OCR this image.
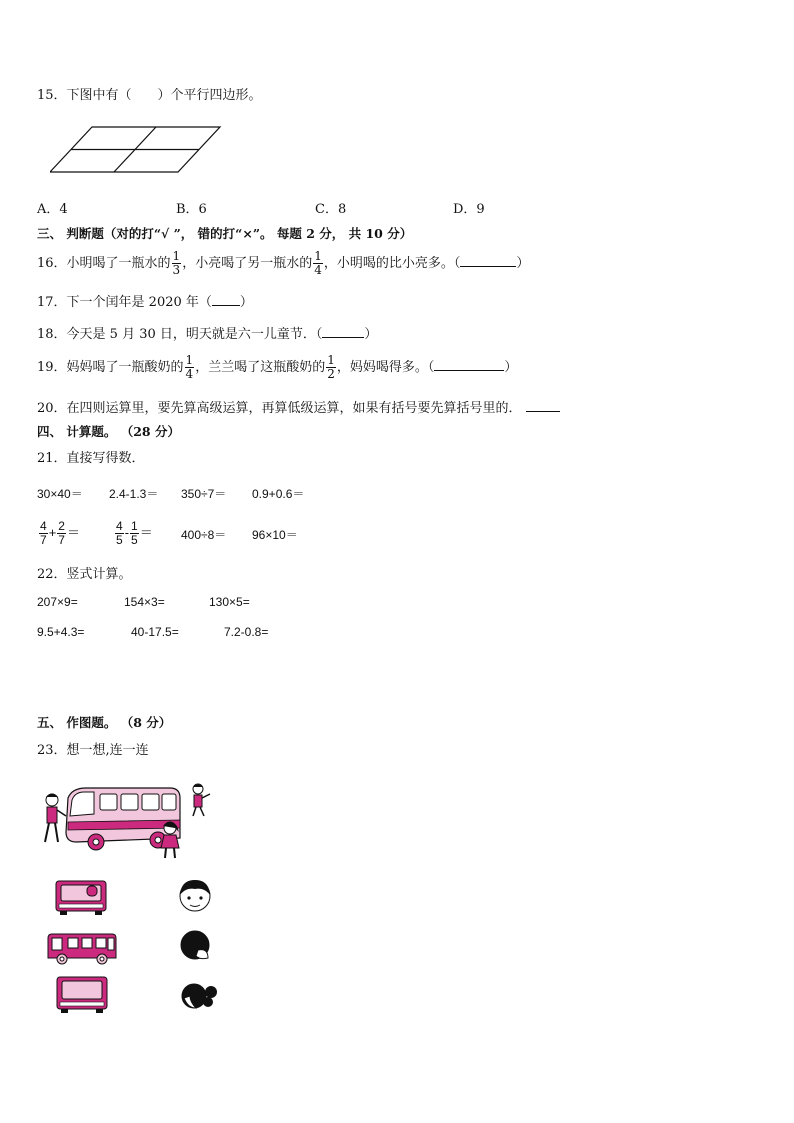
15．下图中有（ ）个平行四边形。
A．4	B．6	C．8	D．9
三、 判断题（对的打“√ ”， 错的打“×”。 每题 2 分， 共 10 分）
16．小明喝了一瓶水的 $\frac{1}{3}$ ，小亮喝了另一瓶水的 $\frac{1}{4}$ ，小明喝的比小亮多。（	）
17．下一个闰年是 2020 年（ ）
18．今天是 5 月 30 日，明天就是六一儿童节．（	）
19．妈妈喝了一瓶酸奶的 $\frac{1}{4}$ ，兰兰喝了这瓶酸奶的 $\frac{1}{2}$ ，妈妈喝得多。（	）
20．在四则运算里，要先算高级运算，再算低级运算，如果有括号要先算括号里的．
四、 计算题。 （28 分）
21．直接写得数．
30×40＝ 2.4-1.3＝ 350÷7＝ 0.9+0.6＝
$\frac{4}{7} + \frac{2}{7}$ ＝	$\frac{4}{5} - \frac{1}{5} = 400\div 8= 96\times 10=$
22．竖式计算。
207×9=	154×3=	130×5=
9.5+4.3=	40-17.5=	7.2-0.8=
五、 作图题。 （8 分）
23．想一想,连一连
